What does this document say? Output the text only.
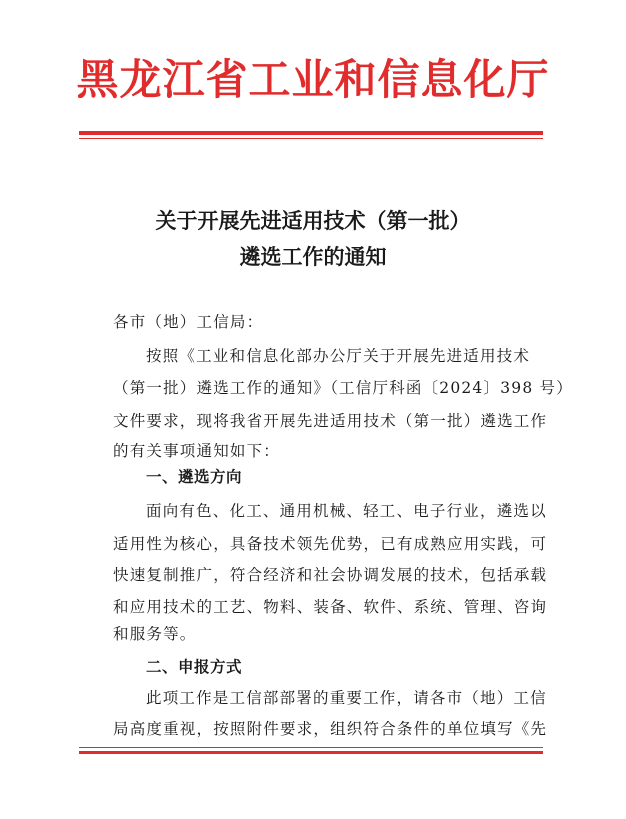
黑龙江省工业和信息化厅
关于开展先进适用技术（第一批）
遴选工作的通知
各市（地）工信局：
按照《工业和信息化部办公厅关于开展先进适用技术
（第一批）遴选工作的通知》（工信厅科函〔2024〕398 号）
文件要求，现将我省开展先进适用技术（第一批）遴选工作
的有关事项通知如下：
一、遴选方向
面向有色、化工、通用机械、轻工、电子行业，遴选以
适用性为核心，具备技术领先优势，已有成熟应用实践，可
快速复制推广，符合经济和社会协调发展的技术，包括承载
和应用技术的工艺、物料、装备、软件、系统、管理、咨询
和服务等。
二、申报方式
此项工作是工信部部署的重要工作，请各市（地）工信
局高度重视，按照附件要求，组织符合条件的单位填写《先
